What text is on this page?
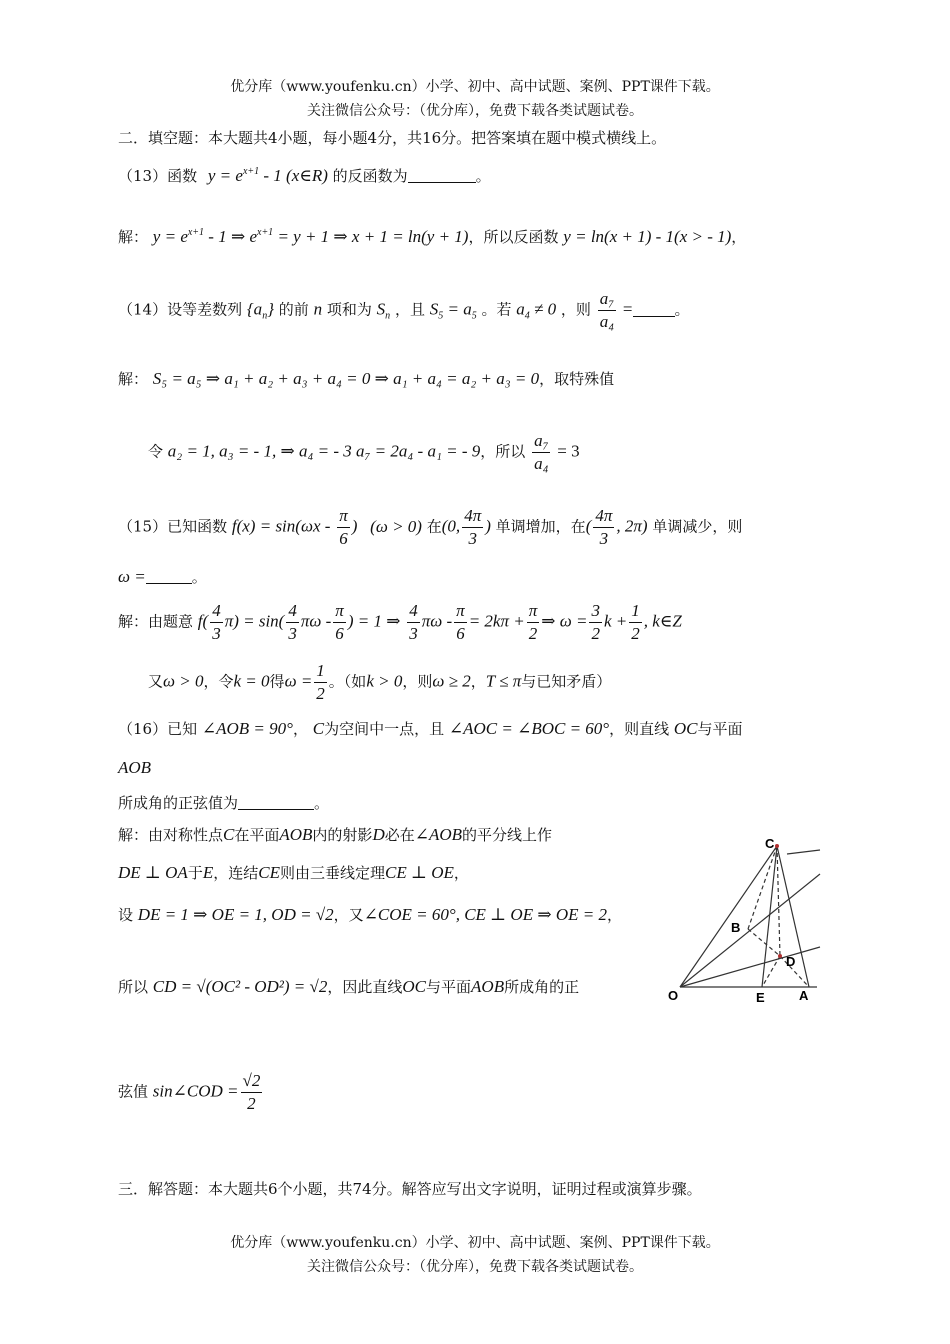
优分库（www.youfenku.cn）小学、初中、高中试题、案例、PPT课件下载。
关注微信公众号：（优分库），免费下载各类试题试卷。
二．填空题：本大题共4小题，每小题4分，共16分。把答案填在题中模式横线上。
（13）函数 $y = e^{x+1} - 1$ (x∈R) 的反函数为	。
解： $y = e^{x+1} - 1$ ⇒ $e^{x+1} = y + 1$ ⇒ x + 1 = ln(y + 1)，所以反函数 y = ln(x + 1) - 1(x > - 1)，
（14）设等差数列 $\{a_n\}$ 的前 n 项和为 $S_n$ ，且 $S_5 = a_5$ 。若 $a_4 \ne 0$ ，则 $\frac{\text{a₇}}{\text{a₄}}$ =	。
解： S₅ = a₅ ⇒ a₁ + a₂ + a₃ + a₄ = 0 ⇒ a₁ + a₄ = a₂ + a₃ = 0，取特殊值
令 a₂ = 1, a₃ = - 1, ⇒ a₄ = - 3 a₇ = 2a₄ - a₁ = - 9，所以 $\frac{\text{a₇}}{\text{a₄}} = 3$
（15）已知函数 $f(x) = \sin(\omega x - \frac{\pi}{6}$ ) (ω > 0) 在(0, $\frac{4\pi}{3}$ ) 单调增加，在( $\frac{4\pi}{3}$ , 2π) 单调减少，则
ω =	。
解：由题意 $f( \frac{4}{3} \pi) = \sin( \frac{4}{3}$ πω - $\frac{\pi}{6}$ ) = 1 ⇒ $\frac{4}{3}$ $\pi\omega - \frac{\pi}{6} = 2k\pi + \frac{\pi}{2}$ ⇒ $\omega = \frac{3}{2}$ $k + \frac{1}{2}$ , k∈Z
又ω > 0，令k = 0得$\omega = \frac{1}{2}$ 。（如k > 0，则ω ≥ 2，T ≤ π与已知矛盾）
（16）已知 ∠AOB = 90°， C为空间中一点，且 ∠AOC = ∠BOC = 60°，则直线 OC与平面
AOB
所成角的正弦值为	。
解：由对称性点C在平面AOB内的射影D必在∠AOB的平分线上作
DE ⊥ OA于E，连结CE则由三垂线定理CE ⊥ OE，
设 DE = 1 ⇒ OE = 1, OD = √2，又∠COE = 60°, CE ⊥ OE ⇒ OE = 2，
所以 CD = √(OC² - OD²) = √2，因此直线OC与平面AOB所成角的正
弦值 sin∠COD = $\frac{√2}{2}$
C
B
D
O	E	A
三．解答题：本大题共6个小题，共74分。解答应写出文字说明，证明过程或演算步骤。
优分库（www.youfenku.cn）小学、初中、高中试题、案例、PPT课件下载。
关注微信公众号：（优分库），免费下载各类试题试卷。
